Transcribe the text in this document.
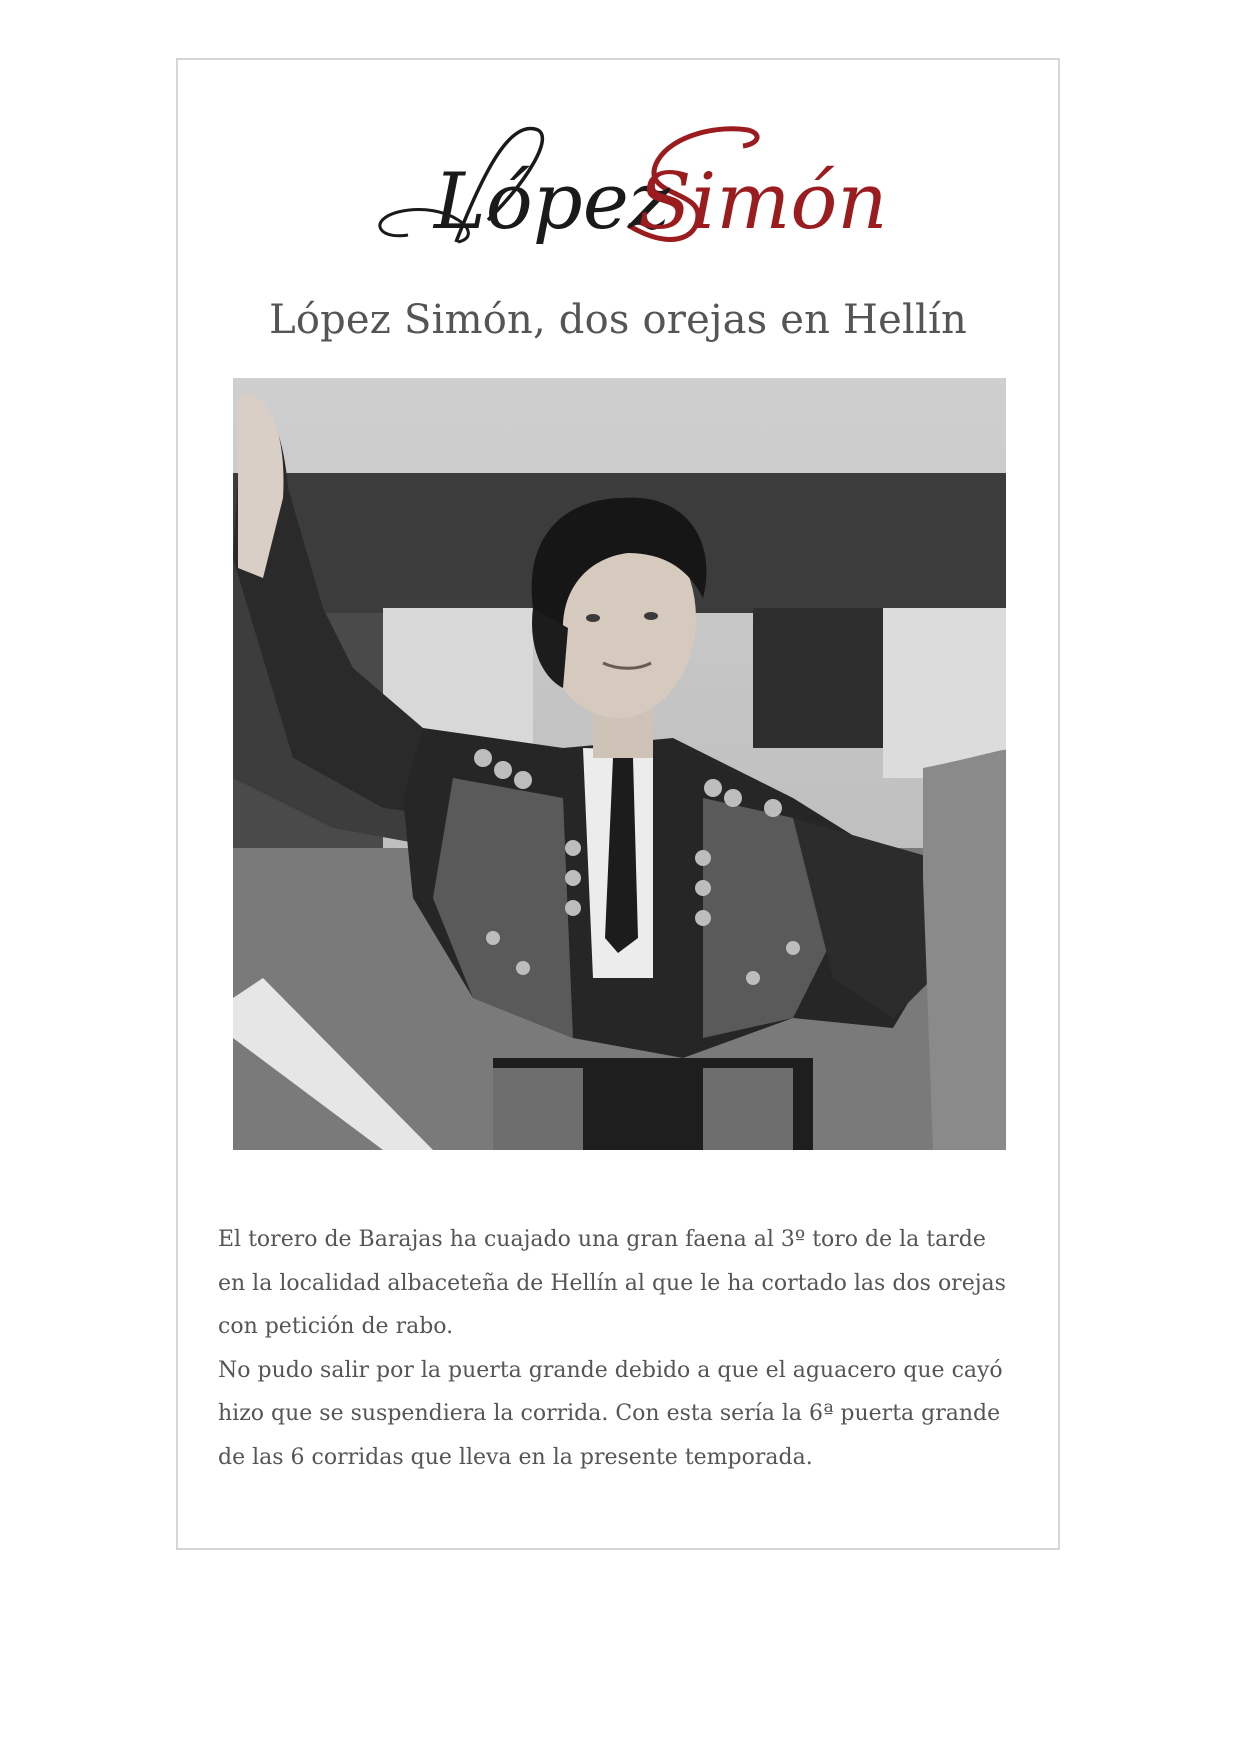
López
Simón
López Simón, dos orejas en Hellín

El torero de Barajas ha cuajado una gran faena al 3º toro de la tarde en la localidad albaceteña de Hellín al que le ha cortado las dos orejas con petición de rabo.

No pudo salir por la puerta grande debido a que el aguacero que cayó hizo que se suspendiera la corrida. Con esta sería la 6ª puerta grande de las 6 corridas que lleva en la presente temporada.
